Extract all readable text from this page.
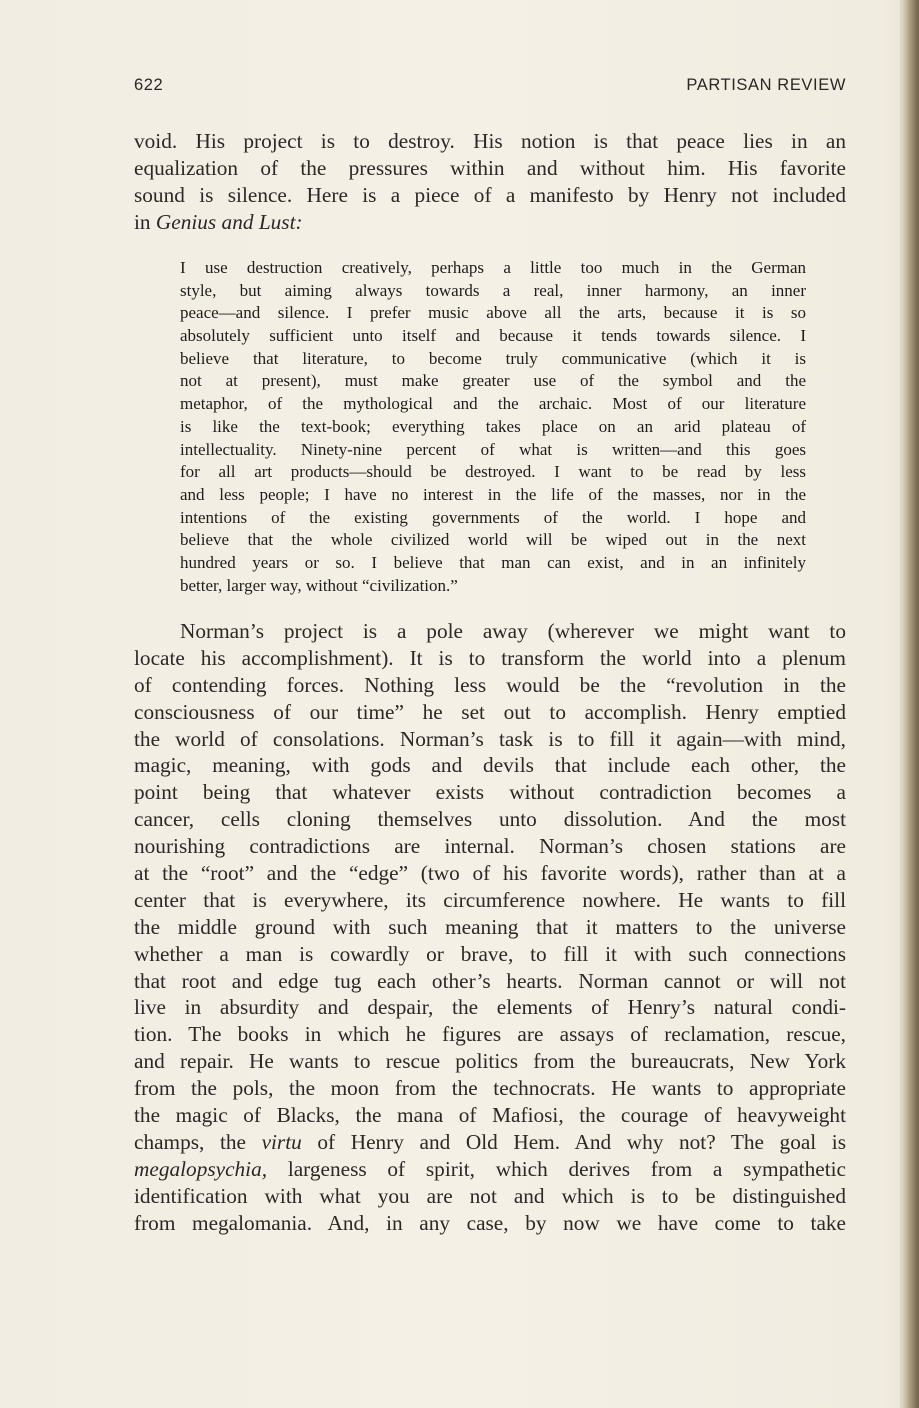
622	PARTISAN REVIEW
void. His project is to destroy. His notion is that peace lies in an
equalization of the pressures within and without him. His favorite
sound is silence. Here is a piece of a manifesto by Henry not included
in Genius and Lust:
I use destruction creatively, perhaps a little too much in the German
style, but aiming always towards a real, inner harmony, an inner
peace—and silence. I prefer music above all the arts, because it is so
absolutely sufficient unto itself and because it tends towards silence. I
believe that literature, to become truly communicative (which it is
not at present), must make greater use of the symbol and the
metaphor, of the mythological and the archaic. Most of our literature
is like the text-book; everything takes place on an arid plateau of
intellectuality. Ninety-nine percent of what is written—and this goes
for all art products—should be destroyed. I want to be read by less
and less people; I have no interest in the life of the masses, nor in the
intentions of the existing governments of the world. I hope and
believe that the whole civilized world will be wiped out in the next
hundred years or so. I believe that man can exist, and in an infinitely
better, larger way, without “civilization.”
Norman’s project is a pole away (wherever we might want to
locate his accomplishment). It is to transform the world into a plenum
of contending forces. Nothing less would be the “revolution in the
consciousness of our time” he set out to accomplish. Henry emptied
the world of consolations. Norman’s task is to fill it again—with mind,
magic, meaning, with gods and devils that include each other, the
point being that whatever exists without contradiction becomes a
cancer, cells cloning themselves unto dissolution. And the most
nourishing contradictions are internal. Norman’s chosen stations are
at the “root” and the “edge” (two of his favorite words), rather than at a
center that is everywhere, its circumference nowhere. He wants to fill
the middle ground with such meaning that it matters to the universe
whether a man is cowardly or brave, to fill it with such connections
that root and edge tug each other’s hearts. Norman cannot or will not
live in absurdity and despair, the elements of Henry’s natural condi-
tion. The books in which he figures are assays of reclamation, rescue,
and repair. He wants to rescue politics from the bureaucrats, New York
from the pols, the moon from the technocrats. He wants to appropriate
the magic of Blacks, the mana of Mafiosi, the courage of heavyweight
champs, the virtu of Henry and Old Hem. And why not? The goal is
megalopsychia, largeness of spirit, which derives from a sympathetic
identification with what you are not and which is to be distinguished
from megalomania. And, in any case, by now we have come to take
